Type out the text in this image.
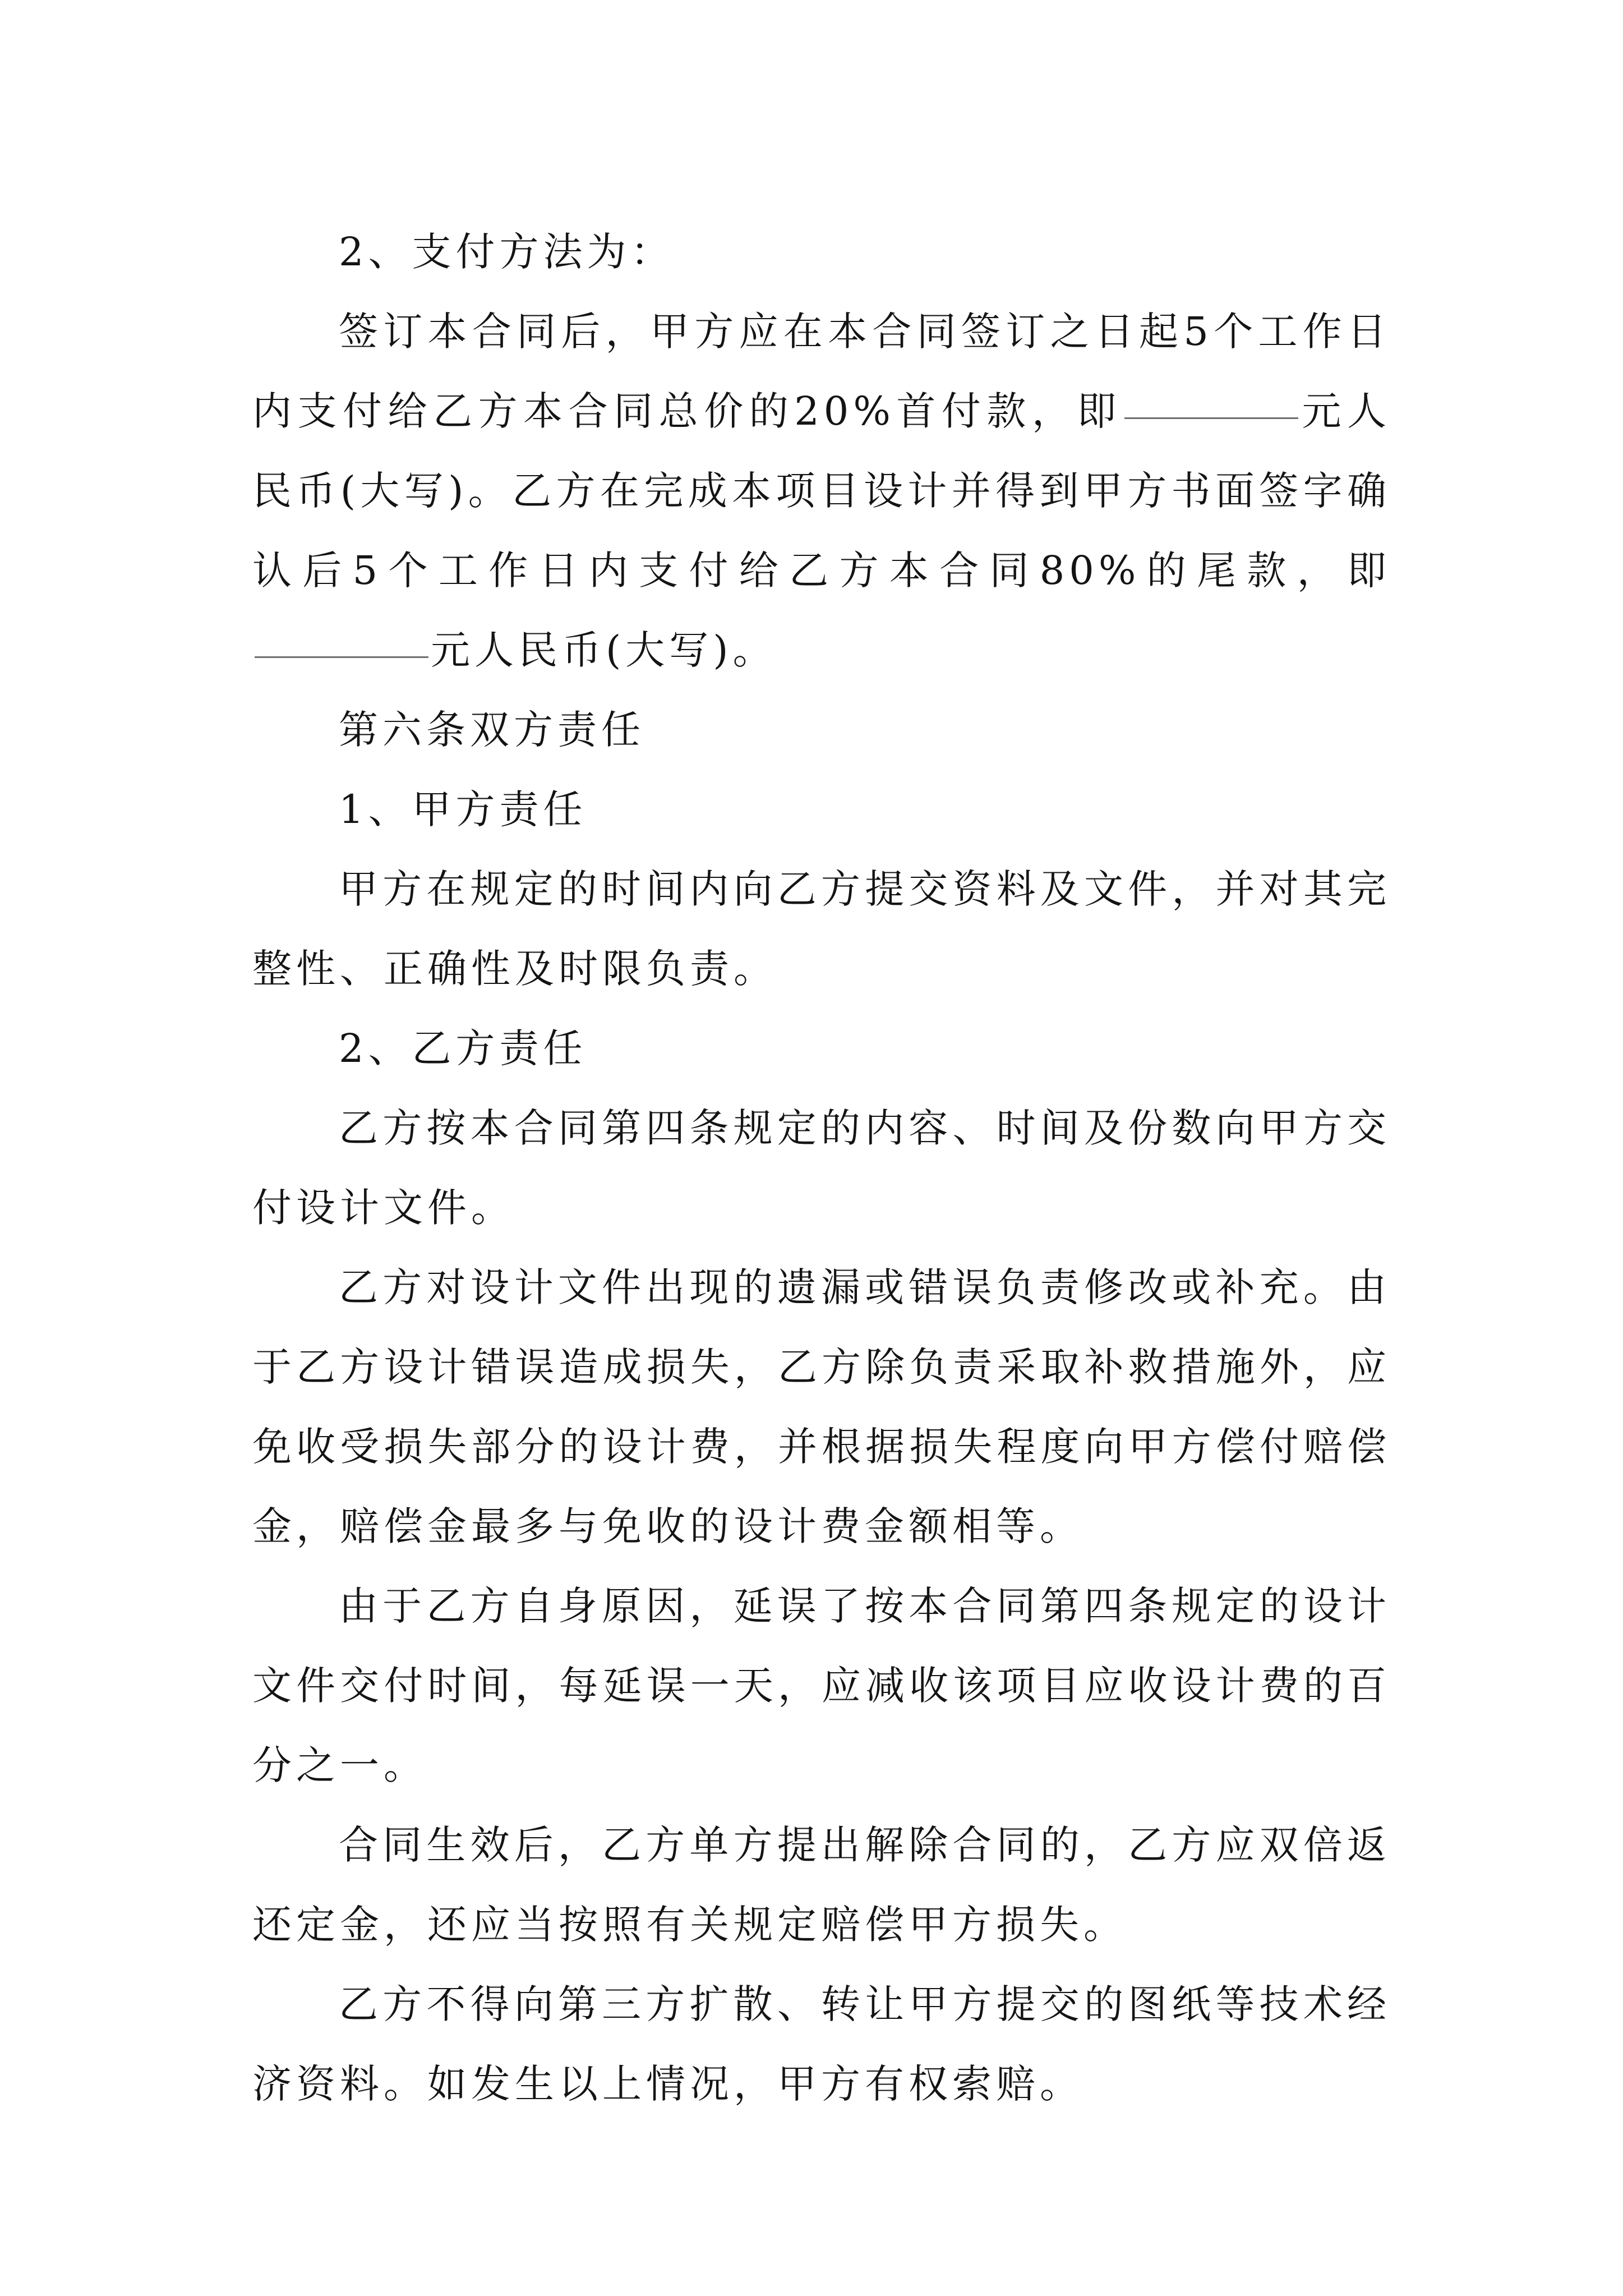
2、支付方法为：

签订本合同后，甲方应在本合同签订之日起5个工作日内支付给乙方本合同总价的20%首付款，即	元人民币(大写)。乙方在完成本项目设计并得到甲方书面签字确认后5个工作日内支付给乙方本合同80%的尾款，即元人民币(大写)。

第六条双方责任

1、甲方责任

甲方在规定的时间内向乙方提交资料及文件，并对其完整性、正确性及时限负责。

2、乙方责任

乙方按本合同第四条规定的内容、时间及份数向甲方交付设计文件。

乙方对设计文件出现的遗漏或错误负责修改或补充。由于乙方设计错误造成损失，乙方除负责采取补救措施外，应免收受损失部分的设计费，并根据损失程度向甲方偿付赔偿金，赔偿金最多与免收的设计费金额相等。

由于乙方自身原因，延误了按本合同第四条规定的设计文件交付时间，每延误一天，应减收该项目应收设计费的百分之一。

合同生效后，乙方单方提出解除合同的，乙方应双倍返还定金，还应当按照有关规定赔偿甲方损失。

乙方不得向第三方扩散、转让甲方提交的图纸等技术经济资料。如发生以上情况，甲方有权索赔。
